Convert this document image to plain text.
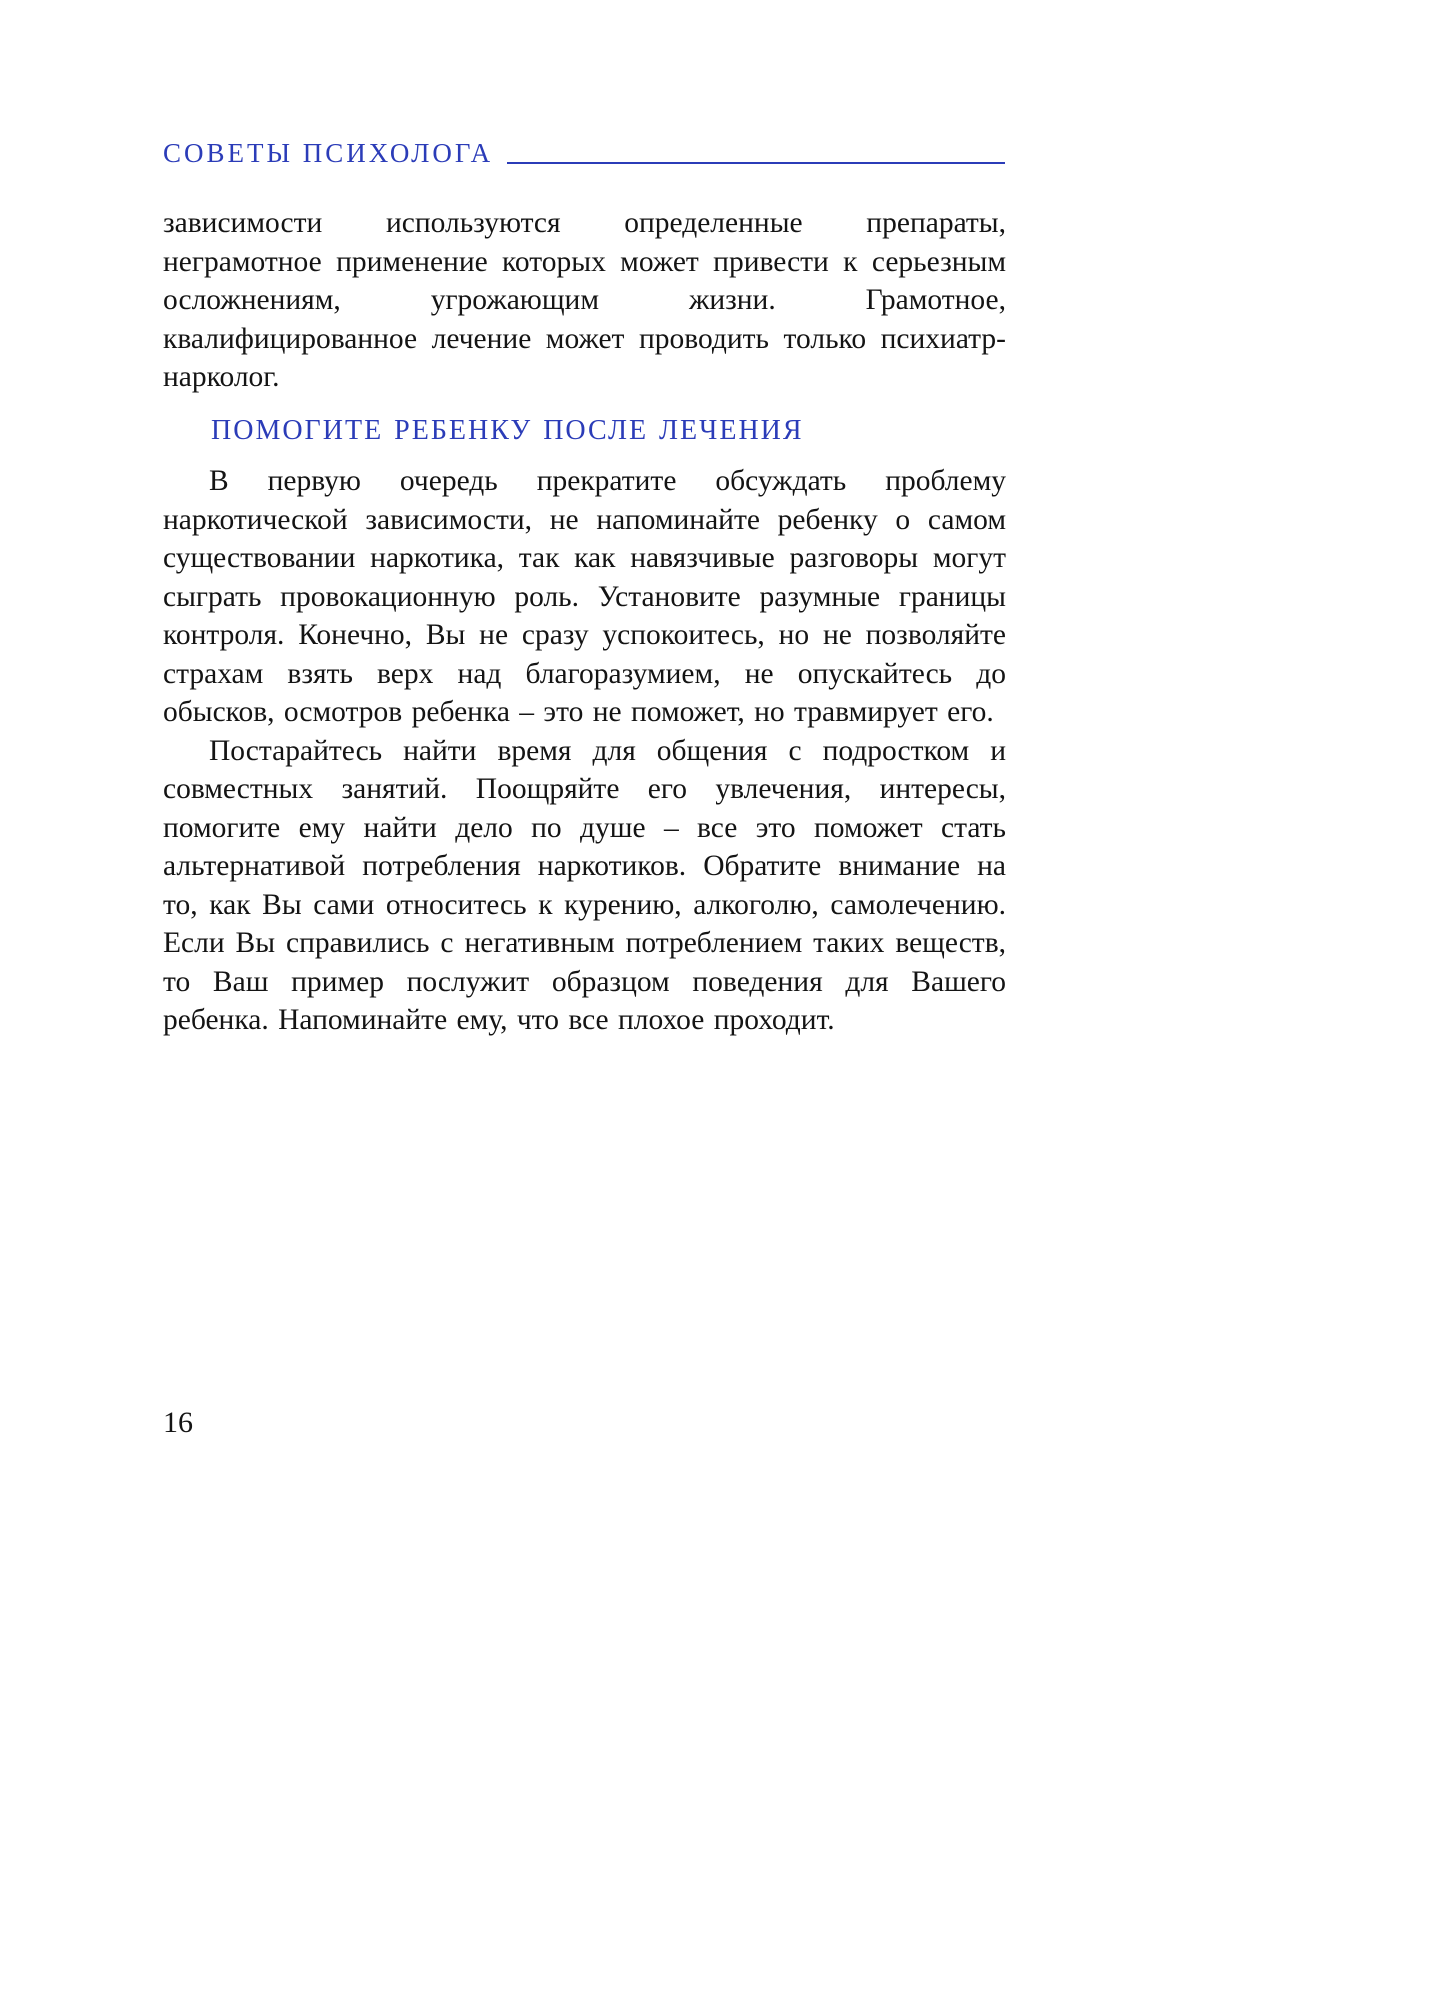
СОВЕТЫ ПСИХОЛОГА

зависимости используются определенные препараты, неграмотное применение которых может привести к серьезным осложнениям, угрожающим жизни. Грамотное, квалифицированное лечение может проводить только психиатр-нарколог.

ПОМОГИТЕ РЕБЕНКУ ПОСЛЕ ЛЕЧЕНИЯ

В первую очередь прекратите обсуждать проблему наркотической зависимости, не напоминайте ребенку о самом существовании наркотика, так как навязчивые разговоры могут сыграть провокационную роль. Установите разумные границы контроля. Конечно, Вы не сразу успокоитесь, но не позволяйте страхам взять верх над благоразумием, не опускайтесь до обысков, осмотров ребенка – это не поможет, но травмирует его.

Постарайтесь найти время для общения с подростком и совместных занятий. Поощряйте его увлечения, интересы, помогите ему найти дело по душе – все это поможет стать альтернативой потребления наркотиков. Обратите внимание на то, как Вы сами относитесь к курению, алкоголю, самолечению. Если Вы справились с негативным потреблением таких веществ, то Ваш пример послужит образцом поведения для Вашего ребенка. Напоминайте ему, что все плохое проходит.

16
